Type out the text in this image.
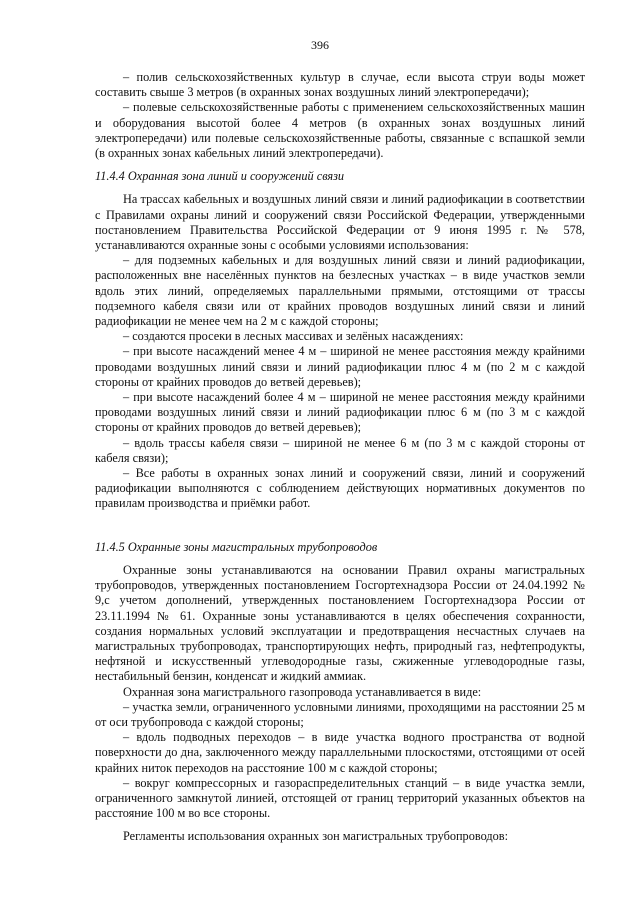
396

– полив сельскохозяйственных культур в случае, если высота струи воды может составить свыше 3 метров (в охранных зонах воздушных линий электропередачи);

– полевые сельскохозяйственные работы с применением сельскохозяйственных машин и оборудования высотой более 4 метров (в охранных зонах воздушных линий электропередачи) или полевые сельскохозяйственные работы, связанные с вспашкой земли (в охранных зонах кабельных линий электропередачи).

11.4.4 Охранная зона линий и сооружений связи

На трассах кабельных и воздушных линий связи и линий радиофикации в соответствии с Правилами охраны линий и сооружений связи Российской Федерации, утвержденными постановлением Правительства Российской Федерации от 9 июня 1995 г. № 578, устанавливаются охранные зоны с особыми условиями использования:

– для подземных кабельных и для воздушных линий связи и линий радиофикации, расположенных вне населённых пунктов на безлесных участках – в виде участков земли вдоль этих линий, определяемых параллельными прямыми, отстоящими от трассы подземного кабеля связи или от крайних проводов воздушных линий связи и линий радиофикации не менее чем на 2 м с каждой стороны;

– создаются просеки в лесных массивах и зелёных насаждениях:

– при высоте насаждений менее 4 м – шириной не менее расстояния между крайними проводами воздушных линий связи и линий радиофикации плюс 4 м (по 2 м с каждой стороны от крайних проводов до ветвей деревьев);

– при высоте насаждений более 4 м – шириной не менее расстояния между крайними проводами воздушных линий связи и линий радиофикации плюс 6 м (по 3 м с каждой стороны от крайних проводов до ветвей деревьев);

– вдоль трассы кабеля связи – шириной не менее 6 м (по 3 м с каждой стороны от кабеля связи);

– Все работы в охранных зонах линий и сооружений связи, линий и сооружений радиофикации выполняются с соблюдением действующих нормативных документов по правилам производства и приёмки работ.

11.4.5 Охранные зоны магистральных трубопроводов

Охранные зоны устанавливаются на основании Правил охраны магистральных трубопроводов, утвержденных постановлением Госгортехнадзора России от 24.04.1992 № 9,с учетом дополнений, утвержденных постановлением Госгортехнадзора России от 23.11.1994 № 61. Охранные зоны устанавливаются в целях обеспечения сохранности, создания нормальных условий эксплуатации и предотвращения несчастных случаев на магистральных трубопроводах, транспортирующих нефть, природный газ, нефтепродукты, нефтяной и искусственный углеводородные газы, сжиженные углеводородные газы, нестабильный бензин, конденсат и жидкий аммиак.

Охранная зона магистрального газопровода устанавливается в виде:

– участка земли, ограниченного условными линиями, проходящими на расстоянии 25 м от оси трубопровода с каждой стороны;

– вдоль подводных переходов – в виде участка водного пространства от водной поверхности до дна, заключенного между параллельными плоскостями, отстоящими от осей крайних ниток переходов на расстояние 100 м с каждой стороны;

– вокруг компрессорных и газораспределительных станций – в виде участка земли, ограниченного замкнутой линией, отстоящей от границ территорий указанных объектов на расстояние 100 м во все стороны.

Регламенты использования охранных зон магистральных трубопроводов:
